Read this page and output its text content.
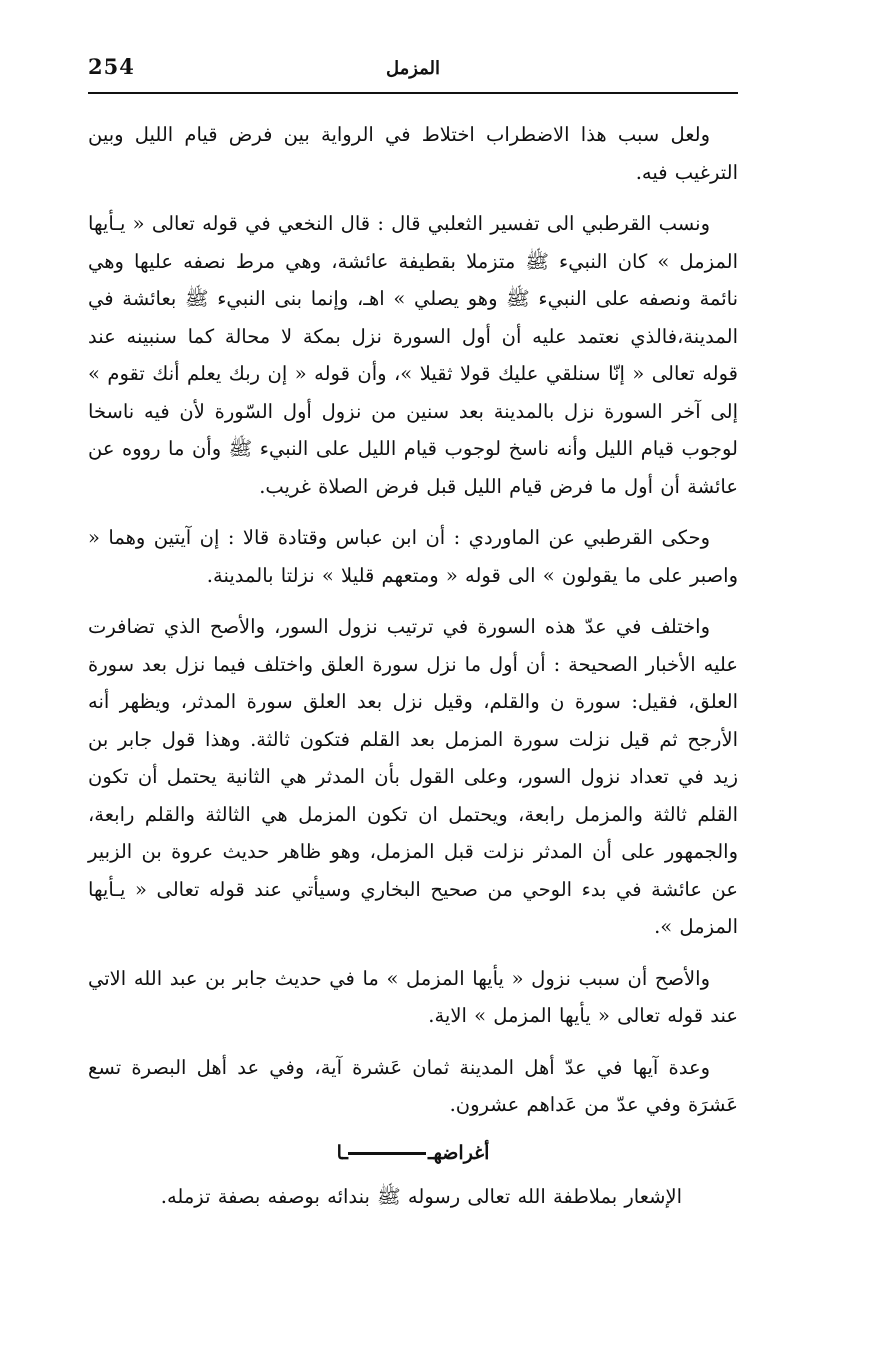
254	المزمل

ولعل سبب هذا الاضطراب اختلاط في الرواية بين فرض قيام الليل وبين الترغيب فيه.

ونسب القرطبي الى تفسير الثعلبي قال : قال النخعي في قوله تعالى « يـأيها المزمل » كان النبيء ﷺ متزملا بقطيفة عائشة، وهي مرط نصفه عليها وهي نائمة ونصفه على النبيء ﷺ وهو يصلي » اهـ، وإنما بنى النبيء ﷺ بعائشة في المدينة،فالذي نعتمد عليه أن أول السورة نزل بمكة لا محالة كما سنبينه عند قوله تعالى « إنّا سنلقي عليك قولا ثقيلا »، وأن قوله « إن ربك يعلم أنك تقوم » إلى آخر السورة نزل بالمدينة بعد سنين من نزول أول السّورة لأن فيه ناسخا لوجوب قيام الليل وأنه ناسخ لوجوب قيام الليل على النبيء ﷺ وأن ما رووه عن عائشة أن أول ما فرض قيام الليل قبل فرض الصلاة غريب.

وحكى القرطبي عن الماوردي : أن ابن عباس وقتادة قالا : إن آيتين وهما « واصبر على ما يقولون » الى قوله « ومتعهم قليلا » نزلتا بالمدينة.

واختلف في عدّ هذه السورة في ترتيب نزول السور، والأصح الذي تضافرت عليه الأخبار الصحيحة : أن أول ما نزل سورة العلق واختلف فيما نزل بعد سورة العلق، فقيل: سورة ن والقلم، وقيل نزل بعد العلق سورة المدثر، ويظهر أنه الأرجح ثم قيل نزلت سورة المزمل بعد القلم فتكون ثالثة. وهذا قول جابر بن زيد في تعداد نزول السور، وعلى القول بأن المدثر هي الثانية يحتمل أن تكون القلم ثالثة والمزمل رابعة، ويحتمل ان تكون المزمل هي الثالثة والقلم رابعة، والجمهور على أن المدثر نزلت قبل المزمل، وهو ظاهر حديث عروة بن الزبير عن عائشة في بدء الوحي من صحيح البخاري وسيأتي عند قوله تعالى « يـأيها المزمل ».

والأصح أن سبب نزول « يأيها المزمل » ما في حديث جابر بن عبد الله الاتي عند قوله تعالى « يأيها المزمل » الاية.

وعدة آيها في عدّ أهل المدينة ثمان عَشرة آية، وفي عد أهل البصرة تسع عَشرَة وفي عدّ من عَداهم عشرون.

أغراضهــا

الإشعار بملاطفة الله تعالى رسوله ﷺ بندائه بوصفه بصفة تزمله.
